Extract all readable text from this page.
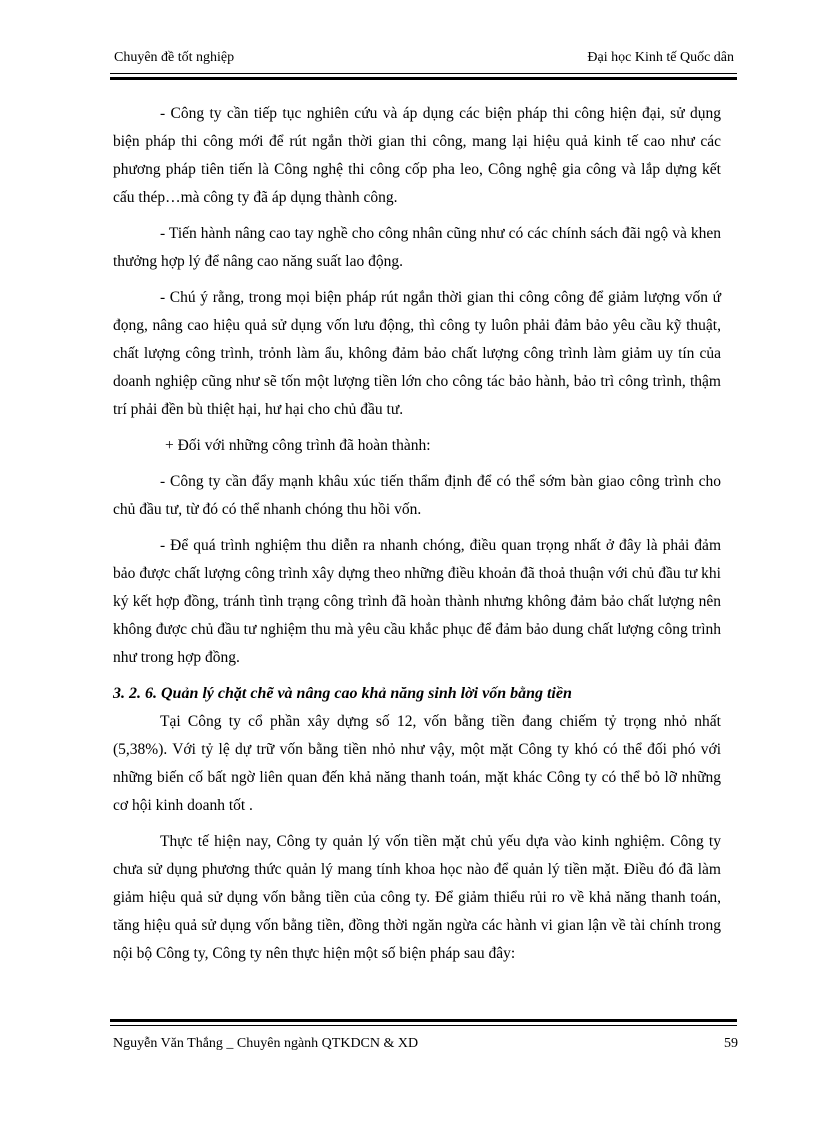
Chuyên đề tốt nghiệp	Đại học Kinh tế Quốc dân

- Công ty cần tiếp tục nghiên cứu và áp dụng các biện pháp thi công hiện đại, sử dụng biện pháp thi công mới để rút ngắn thời gian thi công, mang lại hiệu quả kinh tế cao như các phương pháp tiên tiến là Công nghệ thi công cốp pha leo, Công nghệ gia công và lắp dựng kết cấu thép…mà công ty đã áp dụng thành công.

- Tiến hành nâng cao tay nghề cho công nhân cũng như có các chính sách đãi ngộ và khen thưởng hợp lý để nâng cao năng suất lao động.

- Chú ý rằng, trong mọi biện pháp rút ngắn thời gian thi công công để giảm lượng vốn ứ đọng, nâng cao hiệu quả sử dụng vốn lưu động, thì công ty luôn phải đảm bảo yêu cầu kỹ thuật, chất lượng công trình, trỏnh làm ẩu, không đảm bảo chất lượng công trình làm giảm uy tín của doanh nghiệp cũng như sẽ tốn một lượng tiền lớn cho công tác bảo hành, bảo trì công trình, thậm trí phải đền bù thiệt hại, hư hại cho chủ đầu tư.

+ Đối với những công trình đã hoàn thành:

- Công ty cần đẩy mạnh khâu xúc tiến thẩm định để có thể sớm bàn giao công trình cho chủ đầu tư, từ đó có thể nhanh chóng thu hồi vốn.

- Để quá trình nghiệm thu diễn ra nhanh chóng, điều quan trọng nhất ở đây là phải đảm bảo được chất lượng công trình xây dựng theo những điều khoản đã thoả thuận với chủ đầu tư khi ký kết hợp đồng, tránh tình trạng công trình đã hoàn thành nhưng không đảm bảo chất lượng nên không được chủ đầu tư nghiệm thu mà yêu cầu khắc phục để đảm bảo dung chất lượng công trình như trong hợp đồng.

3. 2. 6. Quản lý chặt chẽ và nâng cao khả năng sinh lời vốn bằng tiền

Tại Công ty cổ phần xây dựng số 12, vốn bằng tiền đang chiếm tỷ trọng nhỏ nhất (5,38%). Với tỷ lệ dự trữ vốn bằng tiền nhỏ như vậy, một mặt Công ty khó có thể đối phó với những biến cố bất ngờ liên quan đến khả năng thanh toán, mặt khác Công ty có thể bỏ lỡ những cơ hội kinh doanh tốt .

Thực tế hiện nay, Công ty quản lý vốn tiền mặt chủ yếu dựa vào kinh nghiệm. Công ty chưa sử dụng phương thức quản lý mang tính khoa học nào để quản lý tiền mặt. Điều đó đã làm giảm hiệu quả sử dụng vốn bằng tiền của công ty. Để giảm thiểu rủi ro về khả năng thanh toán, tăng hiệu quả sử dụng vốn bằng tiền, đồng thời ngăn ngừa các hành vi gian lận về tài chính trong nội bộ Công ty, Công ty nên thực hiện một số biện pháp sau đây:

Nguyễn Văn Thắng _ Chuyên ngành QTKDCN & XD	59
